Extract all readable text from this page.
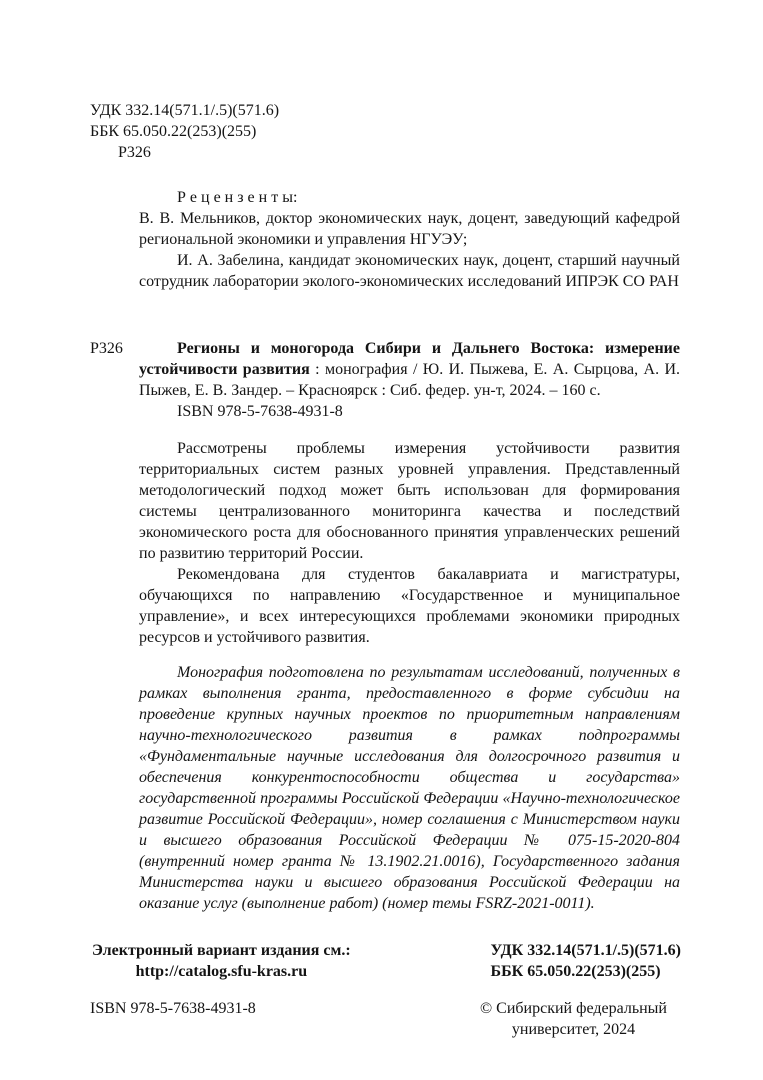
УДК 332.14(571.1/.5)(571.6)
ББК 65.050.22(253)(255)
Р326

Р е ц е н з е н т ы:

В. В. Мельников, доктор экономических наук, доцент, заведующий кафедрой региональной экономики и управления НГУЭУ;

И. А. Забелина, кандидат экономических наук, доцент, старший научный сотрудник лаборатории эколого-экономических исследований ИПРЭК СО РАН

Р326	Регионы и моногорода Сибири и Дальнего Востока: измерение устойчивости развития : монография / Ю. И. Пыжева, Е. А. Сырцова, А. И. Пыжев, Е. В. Зандер. – Красноярск : Сиб. федер. ун-т, 2024. – 160 с.

ISBN 978-5-7638-4931-8

Рассмотрены проблемы измерения устойчивости развития территориальных систем разных уровней управления. Представленный методологический подход может быть использован для формирования системы централизованного мониторинга качества и последствий экономического роста для обоснованного принятия управленческих решений по развитию территорий России.

Рекомендована для студентов бакалавриата и магистратуры, обучающихся по направлению «Государственное и муниципальное управление», и всех интересующихся проблемами экономики природных ресурсов и устойчивого развития.

Монография подготовлена по результатам исследований, полученных в рамках выполнения гранта, предоставленного в форме субсидии на проведение крупных научных проектов по приоритетным направлениям научно-технологического развития в рамках подпрограммы «Фундаментальные научные исследования для долгосрочного развития и обеспечения конкурентоспособности общества и государства» государственной программы Российской Федерации «Научно-технологическое развитие Российской Федерации», номер соглашения с Министерством науки и высшего образования Российской Федерации № 075-15-2020-804 (внутренний номер гранта № 13.1902.21.0016), Государственного задания Министерства науки и высшего образования Российской Федерации на оказание услуг (выполнение работ) (номер темы FSRZ-2021-0011).

Электронный вариант издания см.:
http://catalog.sfu-kras.ru
УДК 332.14(571.1/.5)(571.6)
ББК 65.050.22(253)(255)
ISBN 978-5-7638-4931-8	© Сибирский федеральный
университет, 2024
